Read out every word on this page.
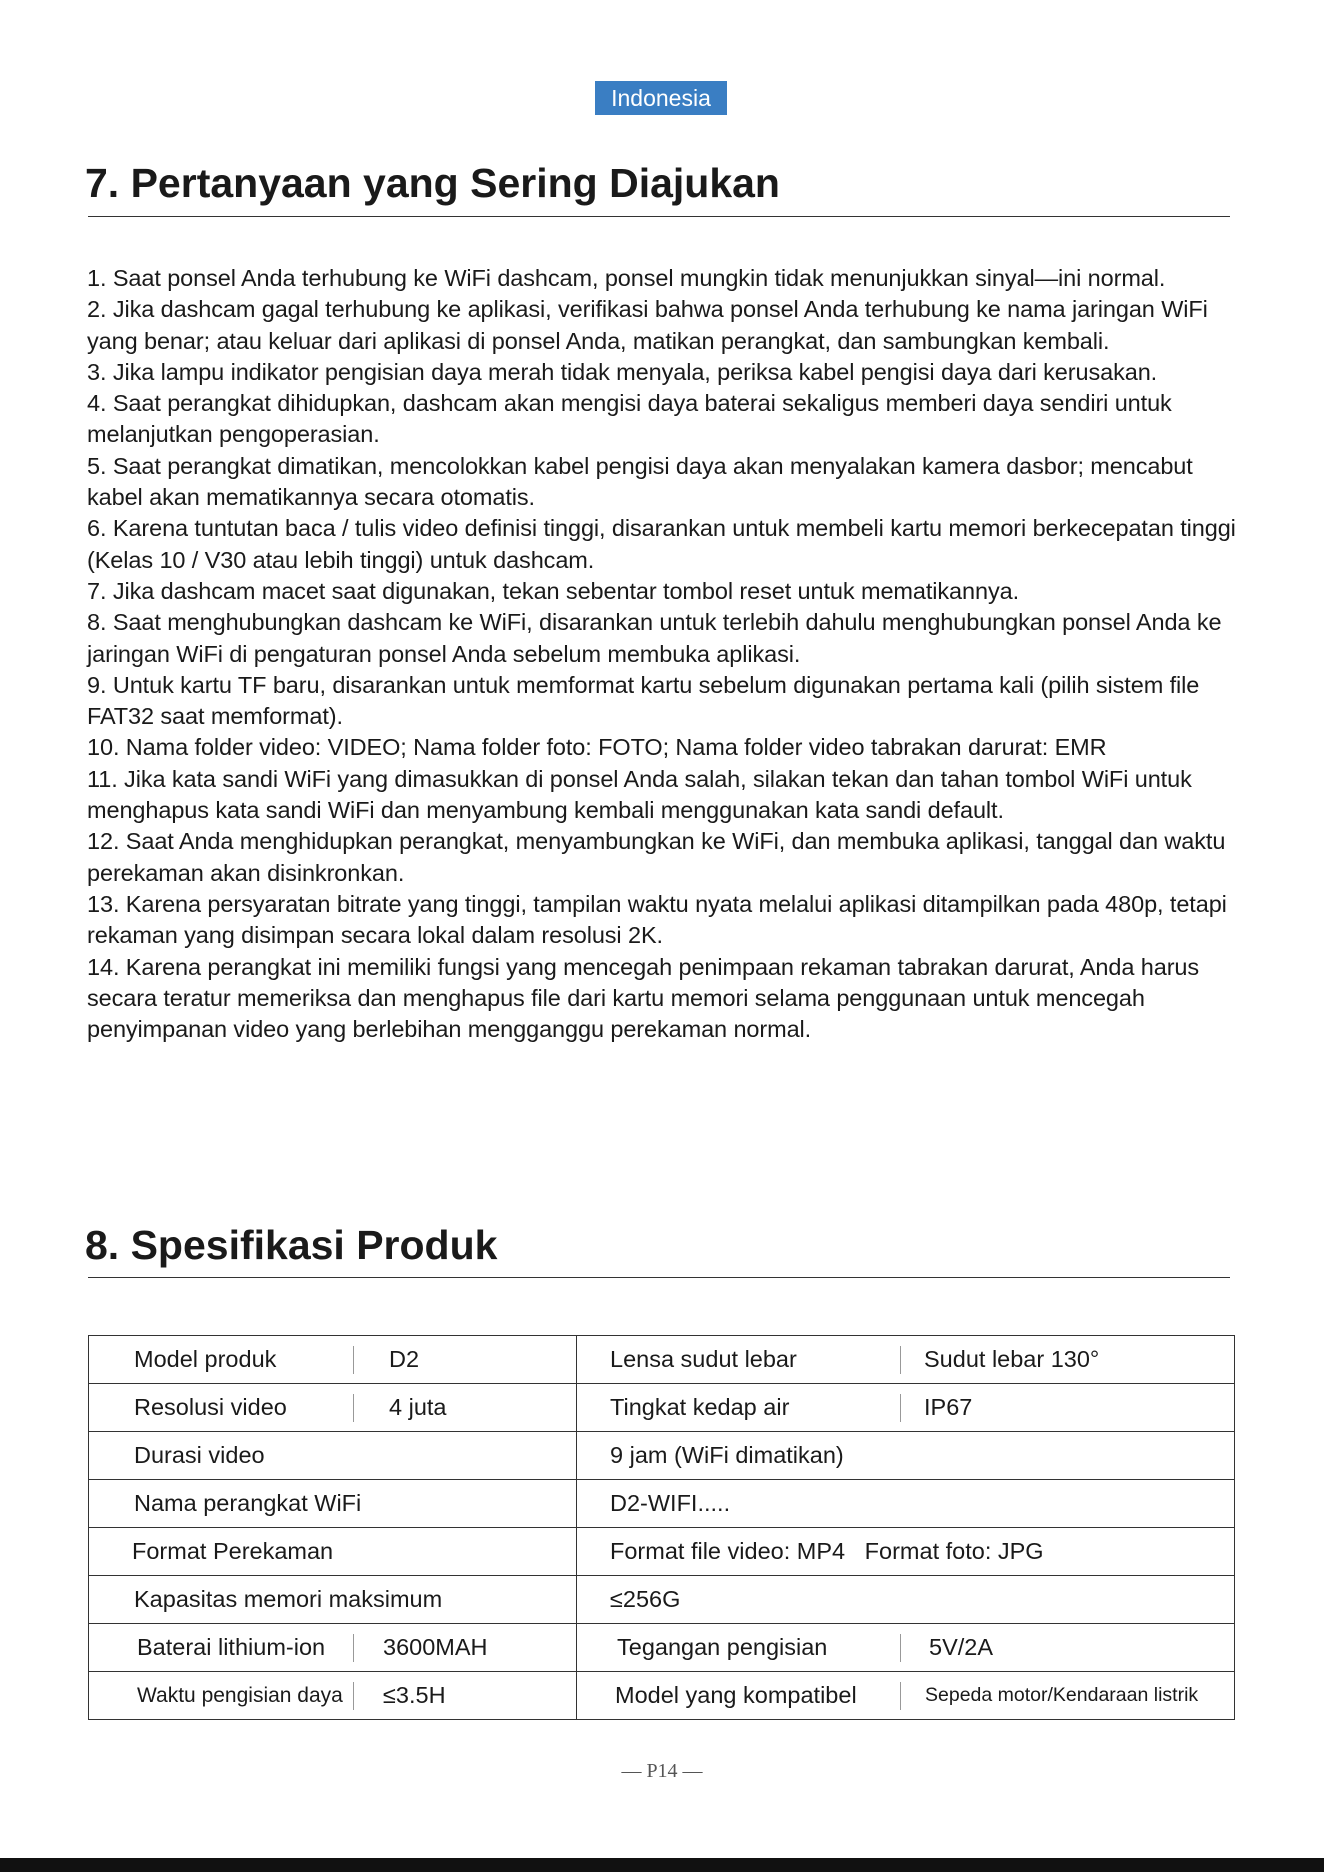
Indonesia
7. Pertanyaan yang Sering Diajukan
1. Saat ponsel Anda terhubung ke WiFi dashcam, ponsel mungkin tidak menunjukkan sinyal—ini normal.
2. Jika dashcam gagal terhubung ke aplikasi, verifikasi bahwa ponsel Anda terhubung ke nama jaringan WiFi yang benar; atau keluar dari aplikasi di ponsel Anda, matikan perangkat, dan sambungkan kembali.
3. Jika lampu indikator pengisian daya merah tidak menyala, periksa kabel pengisi daya dari kerusakan.
4. Saat perangkat dihidupkan, dashcam akan mengisi daya baterai sekaligus memberi daya sendiri untuk melanjutkan pengoperasian.
5. Saat perangkat dimatikan, mencolokkan kabel pengisi daya akan menyalakan kamera dasbor; mencabut kabel akan mematikannya secara otomatis.
6. Karena tuntutan baca / tulis video definisi tinggi, disarankan untuk membeli kartu memori berkecepatan tinggi (Kelas 10 / V30 atau lebih tinggi) untuk dashcam.
7. Jika dashcam macet saat digunakan, tekan sebentar tombol reset untuk mematikannya.
8. Saat menghubungkan dashcam ke WiFi, disarankan untuk terlebih dahulu menghubungkan ponsel Anda ke jaringan WiFi di pengaturan ponsel Anda sebelum membuka aplikasi.
9. Untuk kartu TF baru, disarankan untuk memformat kartu sebelum digunakan pertama kali (pilih sistem file FAT32 saat memformat).
10. Nama folder video: VIDEO; Nama folder foto: FOTO; Nama folder video tabrakan darurat: EMR
11. Jika kata sandi WiFi yang dimasukkan di ponsel Anda salah, silakan tekan dan tahan tombol WiFi untuk menghapus kata sandi WiFi dan menyambung kembali menggunakan kata sandi default.
12. Saat Anda menghidupkan perangkat, menyambungkan ke WiFi, dan membuka aplikasi, tanggal dan waktu perekaman akan disinkronkan.
13. Karena persyaratan bitrate yang tinggi, tampilan waktu nyata melalui aplikasi ditampilkan pada 480p, tetapi rekaman yang disimpan secara lokal dalam resolusi 2K.
14. Karena perangkat ini memiliki fungsi yang mencegah penimpaan rekaman tabrakan darurat, Anda harus secara teratur memeriksa dan menghapus file dari kartu memori selama penggunaan untuk mencegah penyimpanan video yang berlebihan mengganggu perekaman normal.
8. Spesifikasi Produk
Model produk D2	Lensa sudut lebar Sudut lebar 130°

Resolusi video 4 juta	Tingkat kedap air IP67

Durasi video	9 jam (WiFi dimatikan)

Nama perangkat WiFi	D2-WIFI.....

Format Perekaman	Format file video: MP4   Format foto: JPG

Kapasitas memori maksimum	≤256G

Baterai lithium-ion 3600MAH	Tegangan pengisian 5V/2A

Waktu pengisian daya ≤3.5H	Model yang kompatibel Sepeda motor/Kendaraan listrik
— P14 —
